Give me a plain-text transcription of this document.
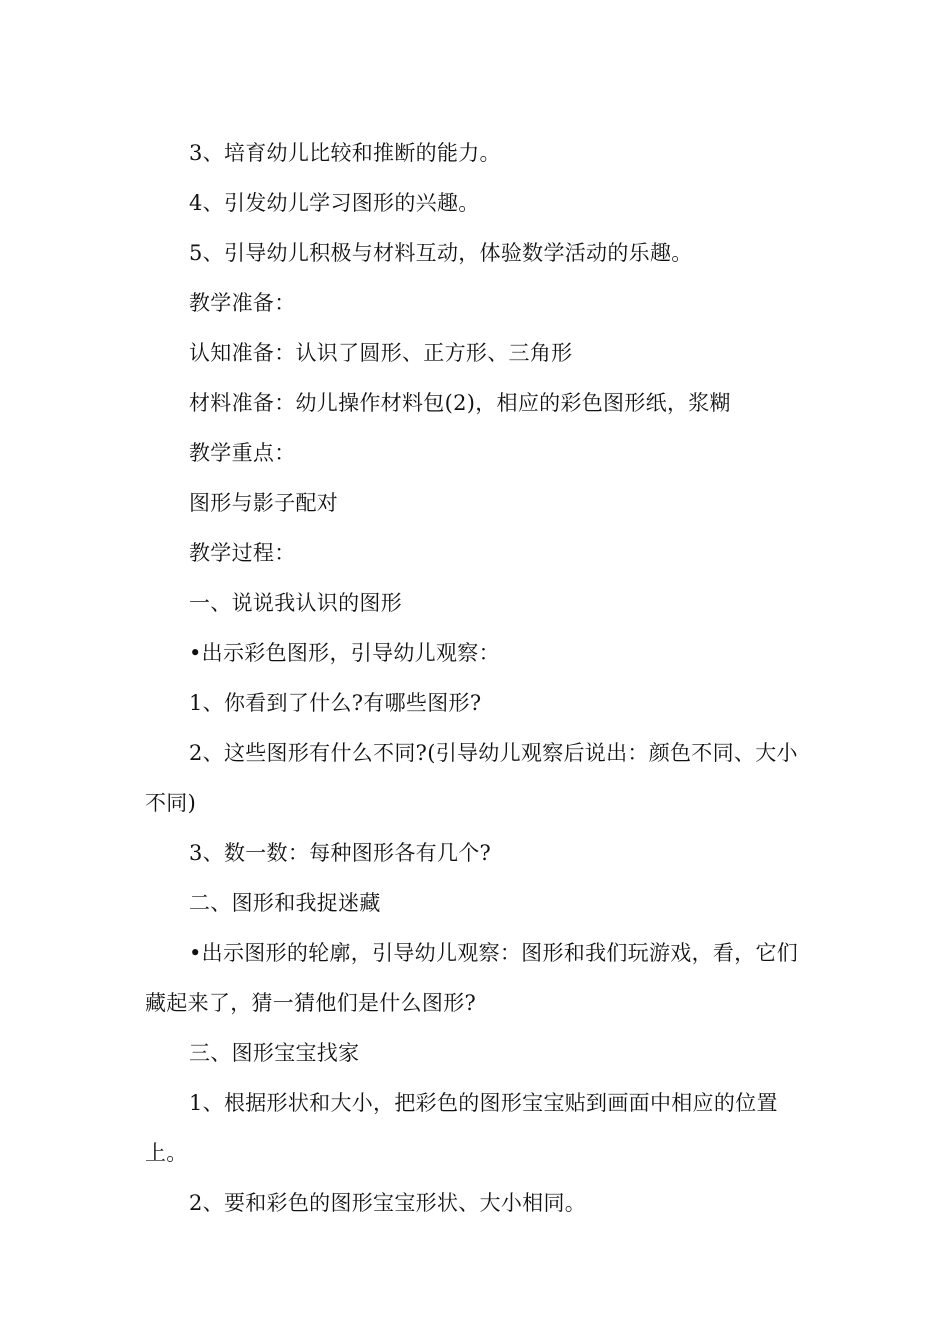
3、培育幼儿比较和推断的能力。

4、引发幼儿学习图形的兴趣。

5、引导幼儿积极与材料互动，体验数学活动的乐趣。

教学准备：

认知准备：认识了圆形、正方形、三角形

材料准备：幼儿操作材料包(2)，相应的彩色图形纸，浆糊

教学重点：

图形与影子配对

教学过程：

一、说说我认识的图形

•出示彩色图形，引导幼儿观察：

1、你看到了什么?有哪些图形?

2、这些图形有什么不同?(引导幼儿观察后说出：颜色不同、大小不同)

3、数一数：每种图形各有几个?

二、图形和我捉迷藏

•出示图形的轮廓，引导幼儿观察：图形和我们玩游戏，看，它们藏起来了，猜一猜他们是什么图形?

三、图形宝宝找家

1、根据形状和大小，把彩色的图形宝宝贴到画面中相应的位置上。

2、要和彩色的图形宝宝形状、大小相同。
